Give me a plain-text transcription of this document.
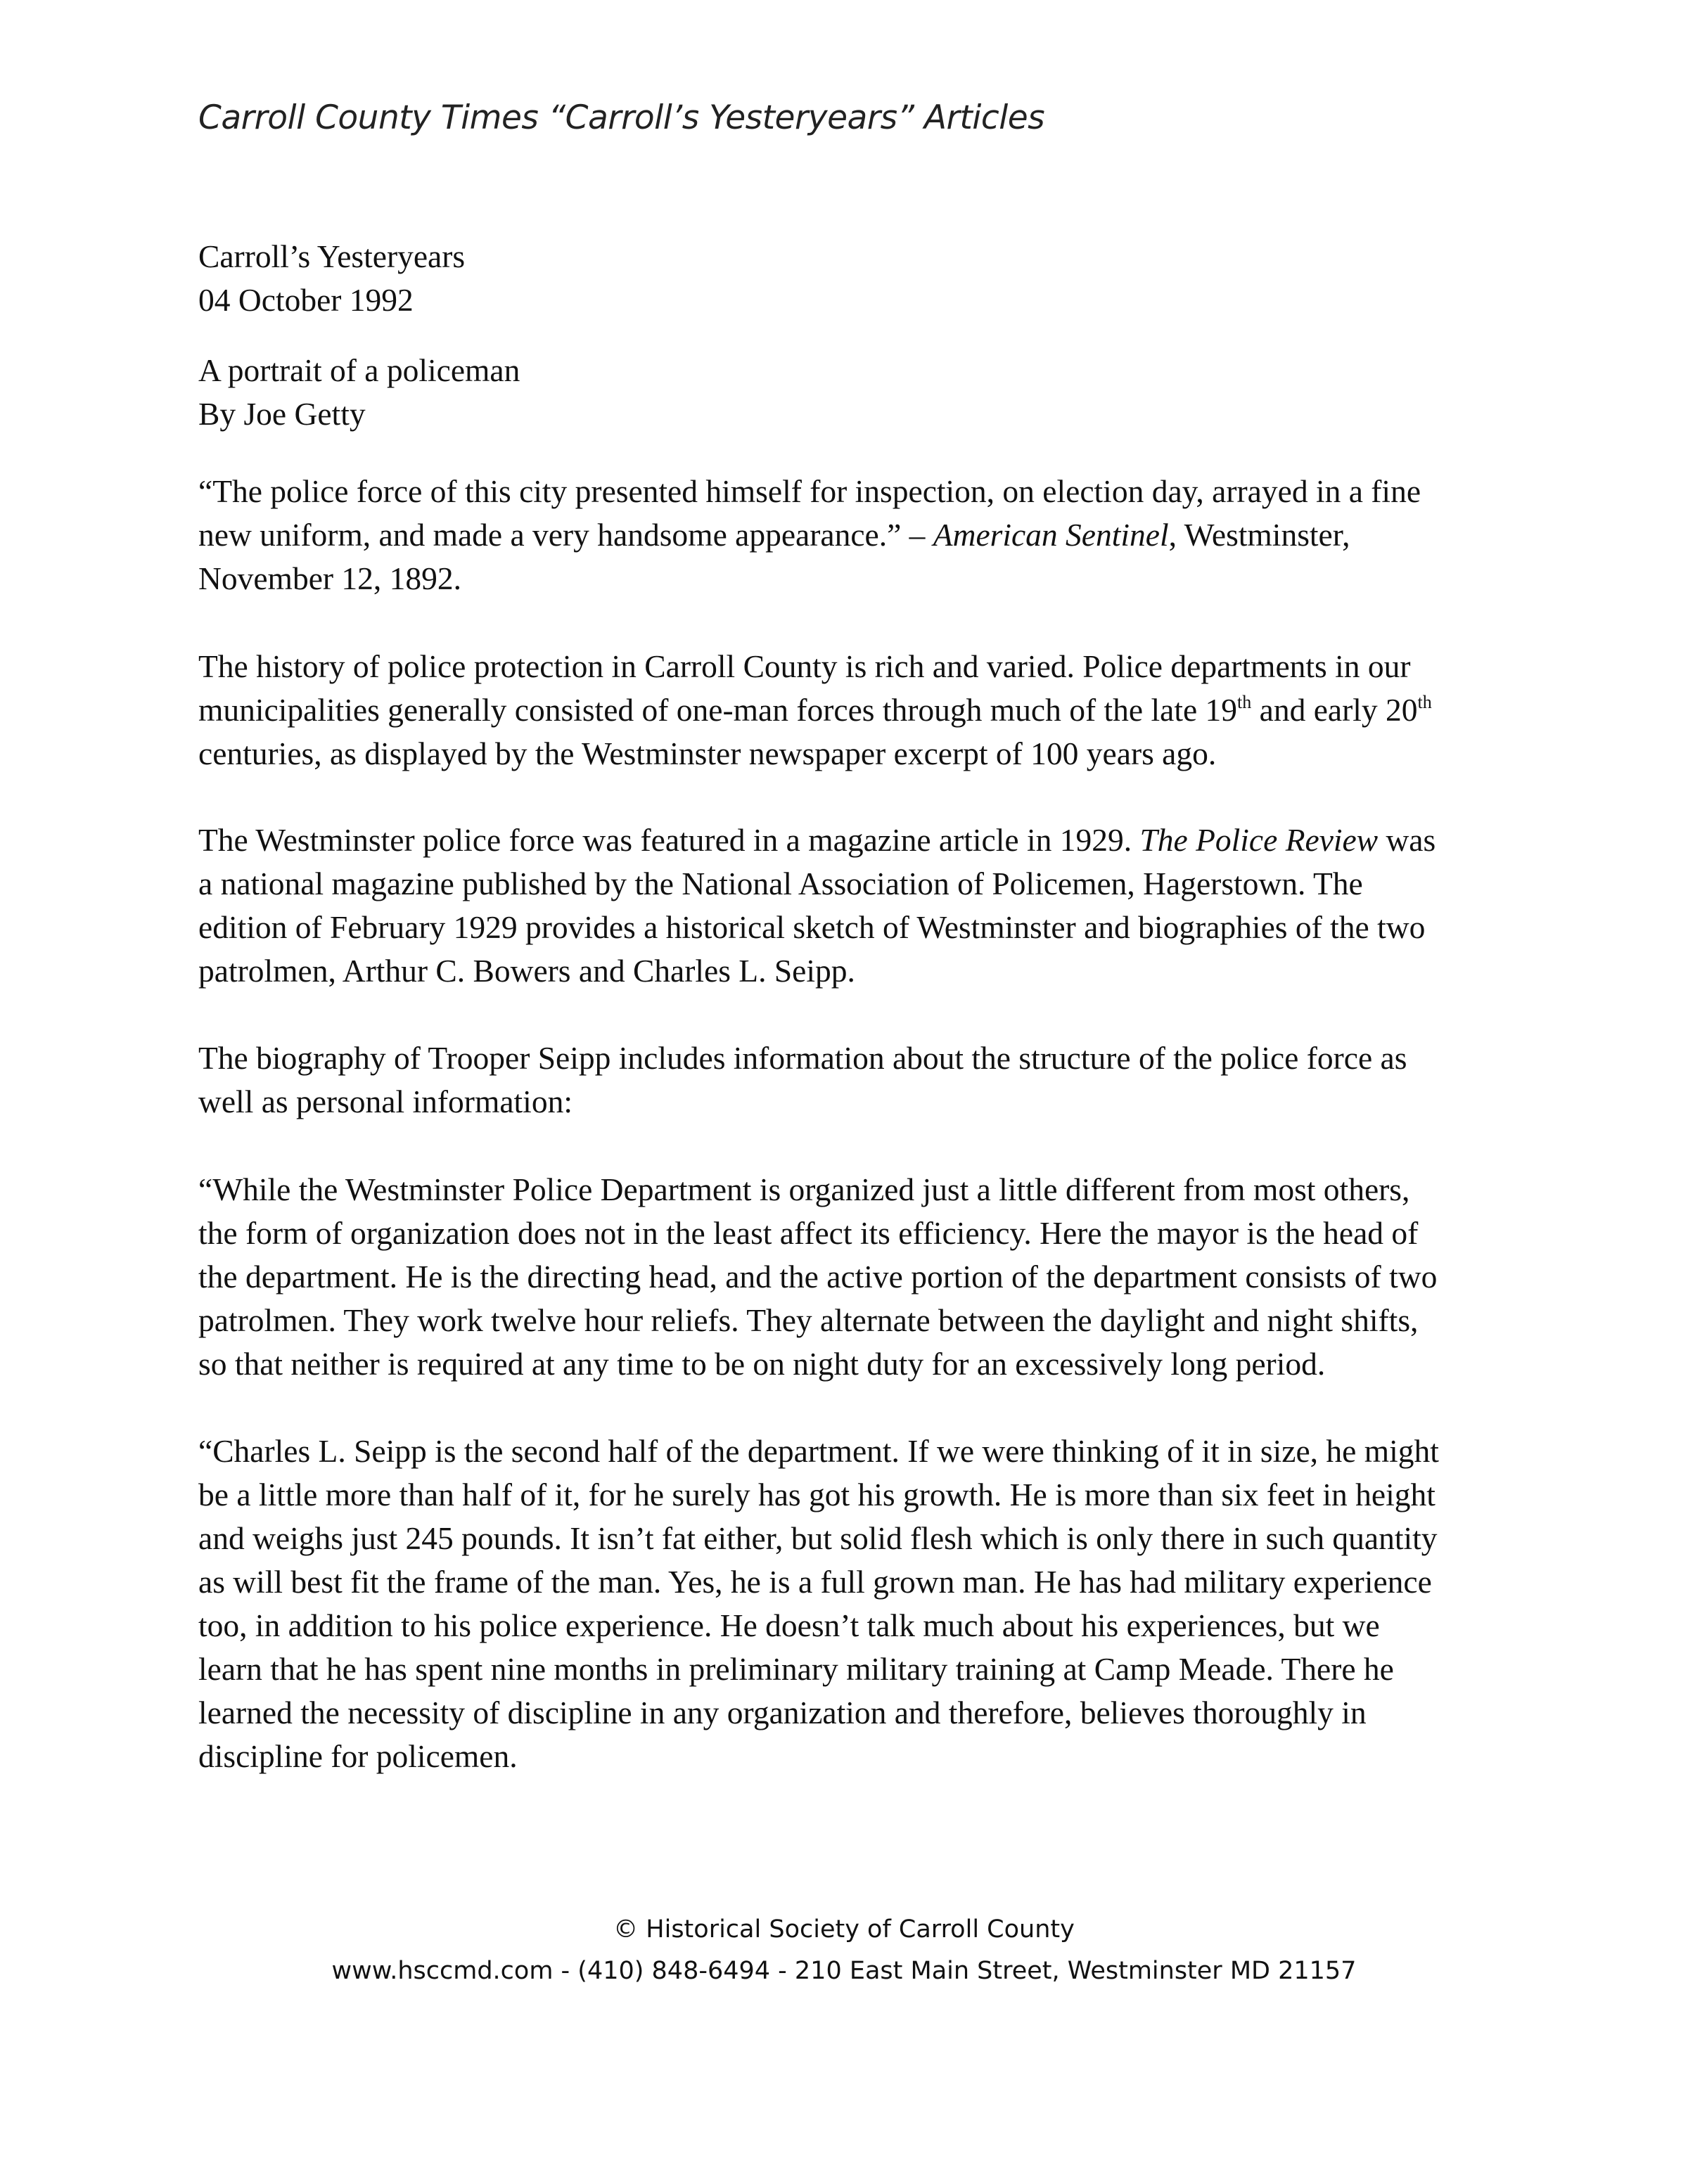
Carroll County Times “Carroll’s Yesteryears” Articles
Carroll’s Yesteryears
04 October 1992
A portrait of a policeman
By Joe Getty
“The police force of this city presented himself for inspection, on election day, arrayed in a fine
new uniform, and made a very handsome appearance.” – American Sentinel, Westminster,
November 12, 1892.
The history of police protection in Carroll County is rich and varied. Police departments in our
municipalities generally consisted of one-man forces through much of the late 19th and early 20th
centuries, as displayed by the Westminster newspaper excerpt of 100 years ago.
The Westminster police force was featured in a magazine article in 1929. The Police Review was
a national magazine published by the National Association of Policemen, Hagerstown. The
edition of February 1929 provides a historical sketch of Westminster and biographies of the two
patrolmen, Arthur C. Bowers and Charles L. Seipp.
The biography of Trooper Seipp includes information about the structure of the police force as
well as personal information:
“While the Westminster Police Department is organized just a little different from most others,
the form of organization does not in the least affect its efficiency. Here the mayor is the head of
the department. He is the directing head, and the active portion of the department consists of two
patrolmen. They work twelve hour reliefs. They alternate between the daylight and night shifts,
so that neither is required at any time to be on night duty for an excessively long period.
“Charles L. Seipp is the second half of the department. If we were thinking of it in size, he might
be a little more than half of it, for he surely has got his growth. He is more than six feet in height
and weighs just 245 pounds. It isn’t fat either, but solid flesh which is only there in such quantity
as will best fit the frame of the man. Yes, he is a full grown man. He has had military experience
too, in addition to his police experience. He doesn’t talk much about his experiences, but we
learn that he has spent nine months in preliminary military training at Camp Meade. There he
learned the necessity of discipline in any organization and therefore, believes thoroughly in
discipline for policemen.
© Historical Society of Carroll County
www.hsccmd.com - (410) 848-6494 - 210 East Main Street, Westminster MD 21157
